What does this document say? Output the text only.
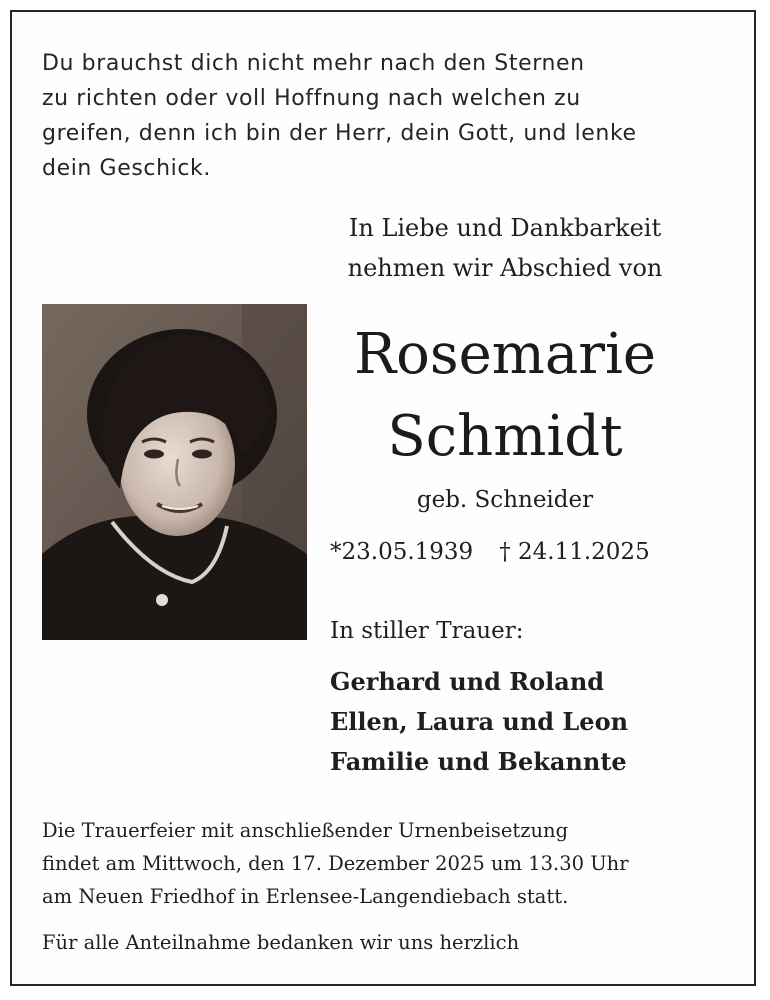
Du brauchst dich nicht mehr nach den Sternen
zu richten oder voll Hoffnung nach welchen zu
greifen, denn ich bin der Herr, dein Gott, und lenke
dein Geschick.
In Liebe und Dankbarkeit
nehmen wir Abschied von
Rosemarie
Schmidt
geb. Schneider
*23.05.1939 † 24.11.2025
In stiller Trauer:
Gerhard und Roland
Ellen, Laura und Leon
Familie und Bekannte
Die Trauerfeier mit anschließender Urnenbeisetzung
findet am Mittwoch, den 17. Dezember 2025 um 13.30 Uhr
am Neuen Friedhof in Erlensee-Langendiebach statt.
Für alle Anteilnahme bedanken wir uns herzlich
